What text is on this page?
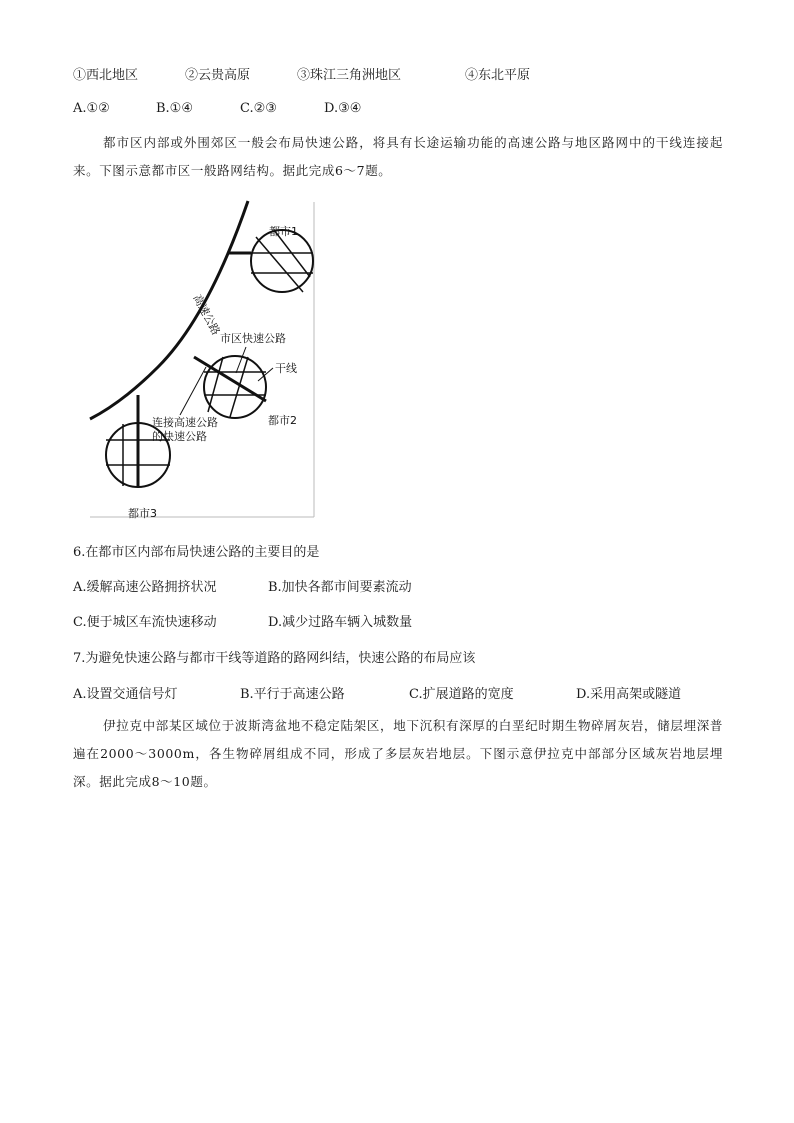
①西北地区	②云贵高原	③珠江三角洲地区	④东北平原
A.①②	B.①④	C.②③	D.③④
都市区内部或外围郊区一般会布局快速公路，将具有长途运输功能的高速公路与地区路网中的干线连接起来。下图示意都市区一般路网结构。据此完成6～7题。
都市1
都市2
都市3
高速公路
市区快速公路
干线
连接高速公路
的快速公路
6.在都市区内部布局快速公路的主要目的是
A.缓解高速公路拥挤状况	B.加快各都市间要素流动
C.便于城区车流快速移动	D.减少过路车辆入城数量
7.为避免快速公路与都市干线等道路的路网纠结，快速公路的布局应该
A.设置交通信号灯	B.平行于高速公路	C.扩展道路的宽度	D.采用高架或隧道
伊拉克中部某区域位于波斯湾盆地不稳定陆架区，地下沉积有深厚的白垩纪时期生物碎屑灰岩，储层埋深普遍在2000～3000m，各生物碎屑组成不同，形成了多层灰岩地层。下图示意伊拉克中部部分区域灰岩地层埋深。据此完成8～10题。
